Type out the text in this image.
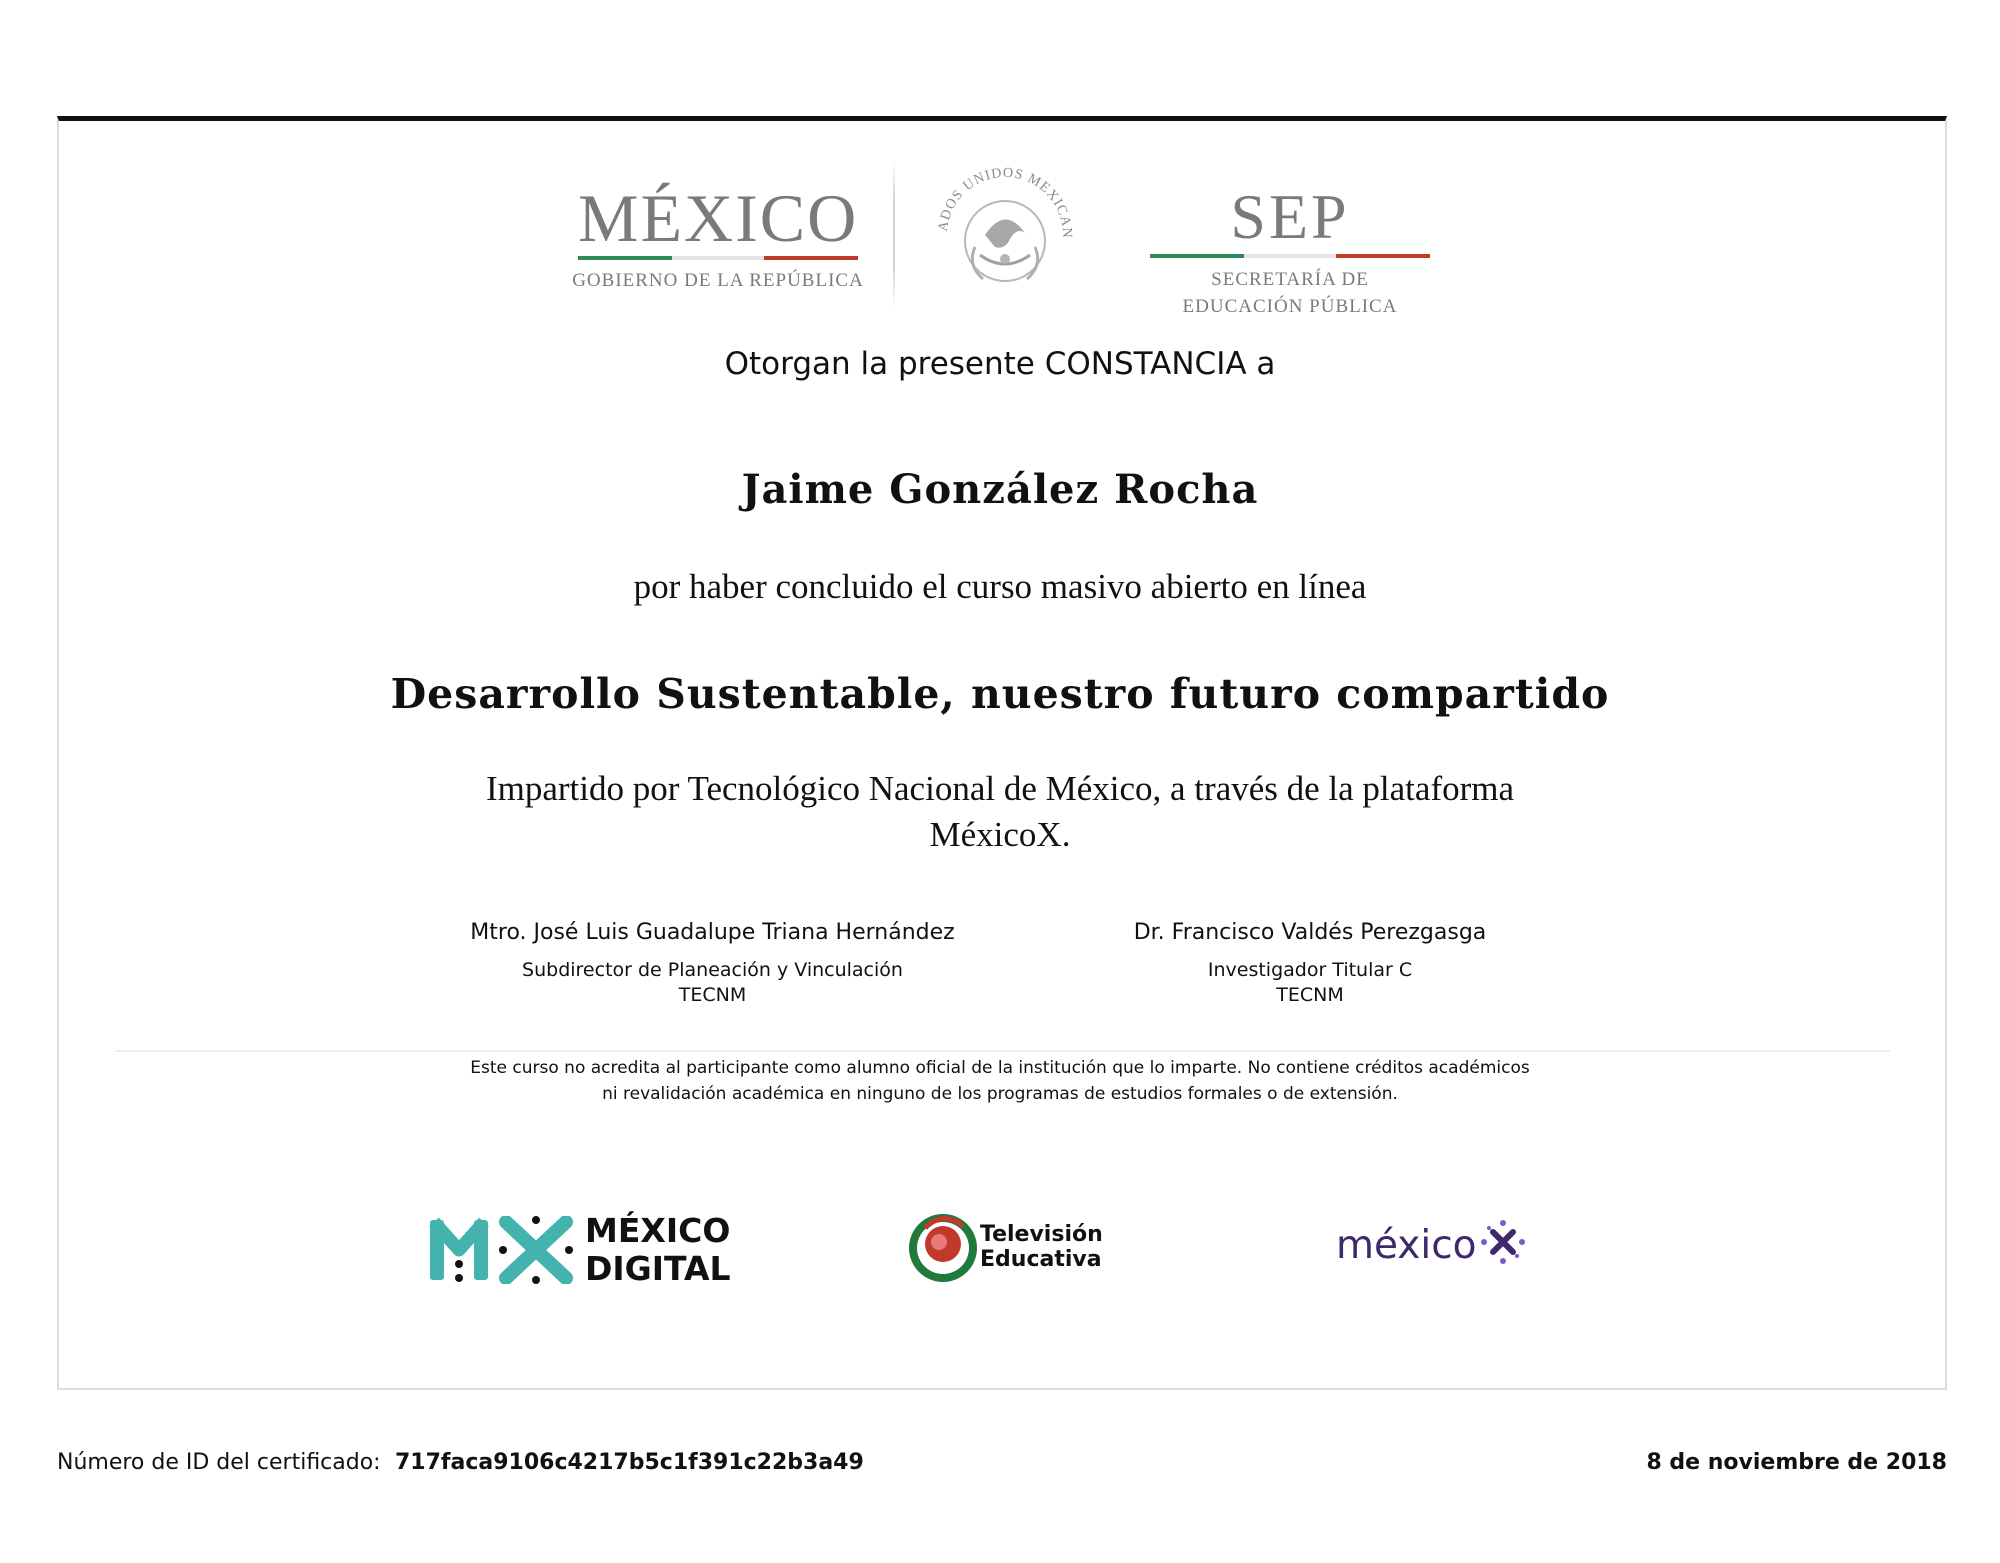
MÉXICO
GOBIERNO DE LA REPÚBLICA
ADOS UNIDOS MEXICAN	SEP
SECRETARÍA DE
EDUCACIÓN PÚBLICA
Otorgan la presente CONSTANCIA a
Jaime González Rocha
por haber concluido el curso masivo abierto en línea
Desarrollo Sustentable, nuestro futuro compartido
Impartido por Tecnológico Nacional de México, a través de la plataforma MéxicoX.
Mtro. José Luis Guadalupe Triana Hernández
Subdirector de Planeación y Vinculación
TECNM
Dr. Francisco Valdés Perezgasga
Investigador Titular C
TECNM
Este curso no acredita al participante como alumno oficial de la institución que lo imparte. No contiene créditos académicos
ni revalidación académica en ninguno de los programas de estudios formales o de extensión.
MÉXICO
DIGITAL
Televisión
Educativa	méxico
Número de ID del certificado: 717faca9106c4217b5c1f391c22b3a49	8 de noviembre de 2018
